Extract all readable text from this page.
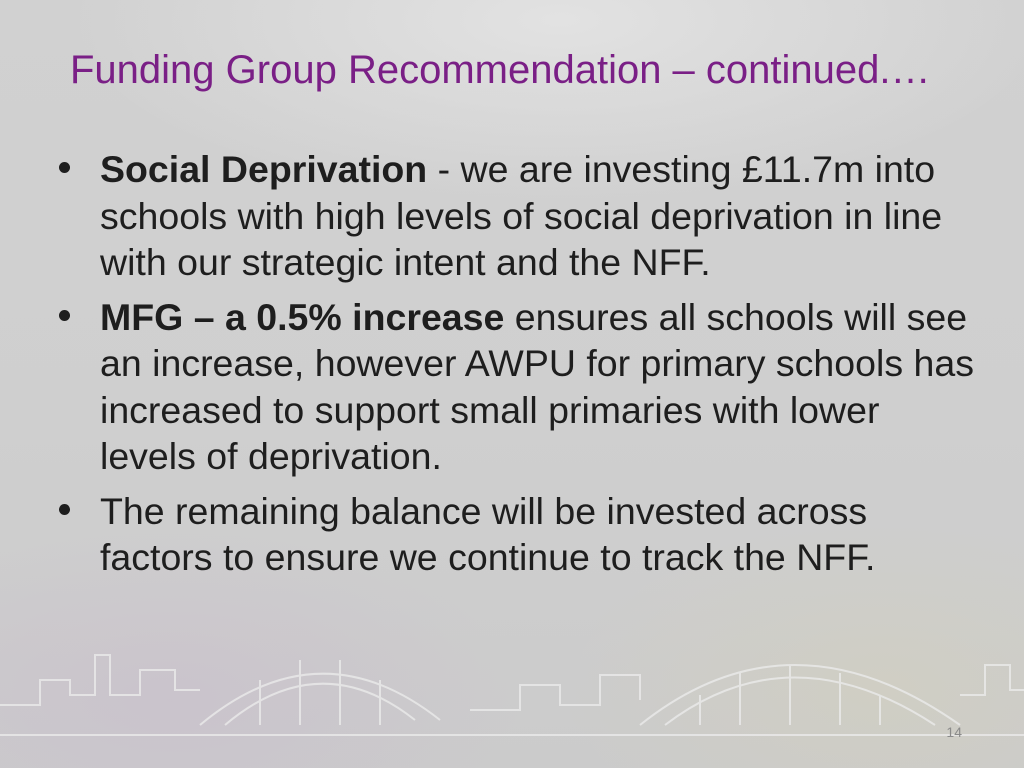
Funding Group Recommendation – continued.…
Social Deprivation - we are investing £11.7m into schools with high levels of social deprivation in line with our strategic intent and the NFF.
MFG – a 0.5% increase ensures all schools will see an increase, however AWPU for primary schools has increased to support small primaries with lower levels of deprivation.
The remaining balance will be invested across factors to ensure we continue to track the NFF.
14
